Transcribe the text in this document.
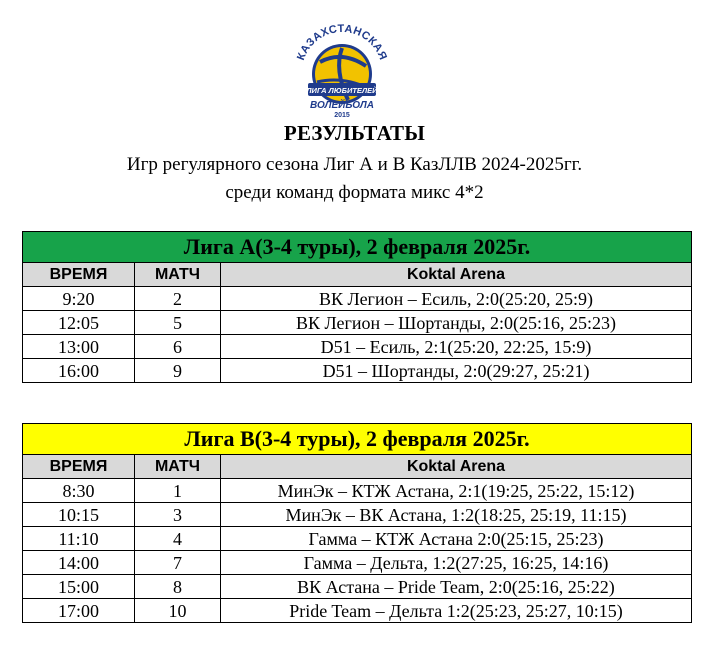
КАЗАХСТАНСКАЯ
ЛИГА ЛЮБИТЕЛЕЙ
ВОЛЕЙБОЛА
2015
РЕЗУЛЬТАТЫ
Игр регулярного сезона Лиг А и В КазЛЛВ 2024-2025гг.
среди команд формата микс 4*2
Лига А(3-4 туры), 2 февраля 2025г.		
ВРЕМЯ	МАТЧ	Koktal Arena
9:20	2	ВК Легион – Есиль, 2:0(25:20, 25:9)
12:05	5	ВК Легион – Шортанды, 2:0(25:16, 25:23)
13:00	6	D51 – Есиль, 2:1(25:20, 22:25, 15:9)
16:00	9	D51 – Шортанды, 2:0(29:27, 25:21)
Лига В(3-4 туры), 2 февраля 2025г.		
ВРЕМЯ	МАТЧ	Koktal Arena
8:30	1	МинЭк – КТЖ Астана, 2:1(19:25, 25:22, 15:12)
10:15	3	МинЭк – ВК Астана, 1:2(18:25, 25:19, 11:15)
11:10	4	Гамма – КТЖ Астана 2:0(25:15, 25:23)
14:00	7	Гамма – Дельта, 1:2(27:25, 16:25, 14:16)
15:00	8	ВК Астана – Pride Team, 2:0(25:16, 25:22)
17:00	10	Pride Team – Дельта 1:2(25:23, 25:27, 10:15)
